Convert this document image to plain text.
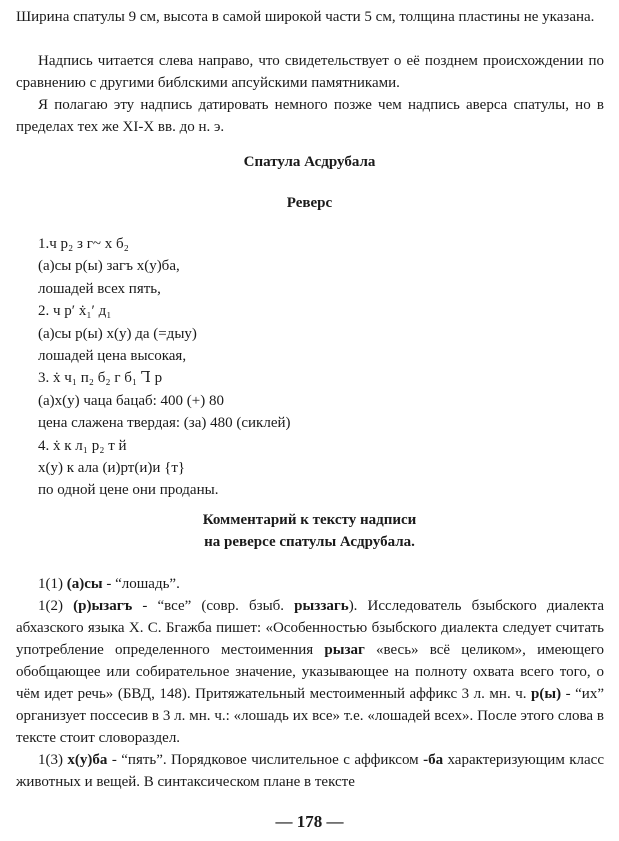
Ширина спатулы 9 см, высота в самой широкой части 5 см, толщина пластины не указана.

Надпись читается слева направо, что свидетельствует о её позднем происхождении по сравнению с другими библскими апсуйскими памятниками.

Я полагаю эту надпись датировать немного позже чем надпись аверса спатулы, но в пределах тех же XI-X вв. до н. э.

Спатула Асдрубала
Реверс
1.ч р₂ з г~ х б₂
(а)сы р(ы) загъ х(у)ба,
лошадей всех пять,
2. ч р′ ẋ₁′ д₁
(а)сы р(ы) х(у) да (=дыу)
лошадей цена высокая,
3. ẋ ч₁ п₂ б₂ г б₁ Ꞁ р
(а)х(у) чаца бацаб: 400 (+) 80
цена слажена твердая: (за) 480 (сиклей)
4. ẋ к л₁ р₂ т й
х(у) к ала (и)рт(и)и {т}
по одной цене они проданы.
Комментарий к тексту надписи
на реверсе спатулы Асдрубала.

1(1) (а)сы - “лошадь”.

1(2) (р)ызагъ - “все” (совр. бзыб. рыззагь). Исследователь бзыбского диалекта абхазского языка Х. С. Бгажба пишет: «Особенностью бзыбского диалекта следует считать употребление определенного местоименния рызаг «весь» всё целиком», имеющего обобщающее или собирательное значение, указывающее на полноту охвата всего того, о чём идет речь» (БВД, 148). Притяжательный местоименный аффикс 3 л. мн. ч. р(ы) - “их” организует поссесив в 3 л. мн. ч.: «лошадь их все» т.е. «лошадей всех». После этого слова в тексте стоит словораздел.

1(3) х(у)ба - “пять”. Порядковое числительное с аффиксом -ба характеризующим класс животных и вещей. В синтаксическом плане в тексте

— 178 —
